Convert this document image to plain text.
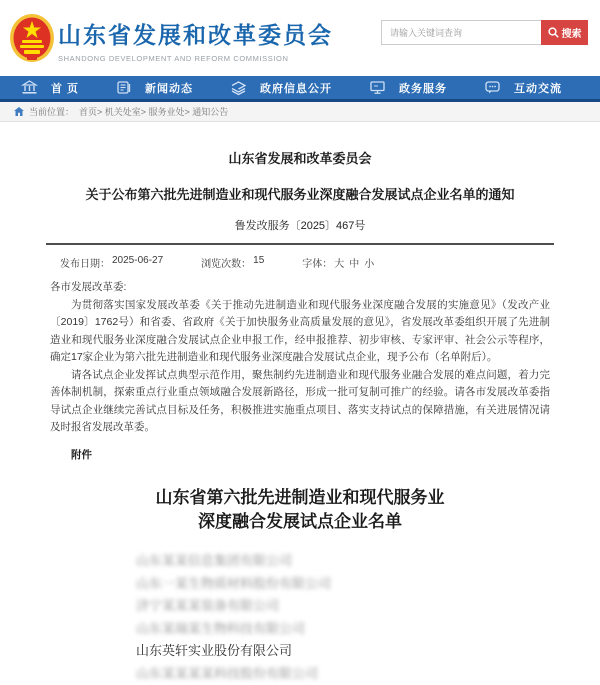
山东省发展和改革委员会
SHANDONG DEVELOPMENT AND REFORM COMMISSION
请输入关键词查询
搜索
首 页	新闻动态	政府信息公开	政务服务	互动交流
当前位置： 首页> 机关处室> 服务业处> 通知公告
山东省发展和改革委员会
关于公布第六批先进制造业和现代服务业深度融合发展试点企业名单的通知
鲁发改服务〔2025〕467号
发布日期： 2025-06-27	浏览次数： 15	字体： 大 中 小
各市发展改革委:
为贯彻落实国家发展改革委《关于推动先进制造业和现代服务业深度融合发展的实施意见》（发改产业〔2019〕1762号）和省委、省政府《关于加快服务业高质量发展的意见》，省发展改革委组织开展了先进制造业和现代服务业深度融合发展试点企业申报工作，经申报推荐、初步审核、专家评审、社会公示等程序，确定17家企业为第六批先进制造业和现代服务业深度融合发展试点企业，现予公布（名单附后）。
请各试点企业发挥试点典型示范作用，聚焦制约先进制造业和现代服务业融合发展的难点问题，着力完善体制机制，探索重点行业重点领域融合发展新路径，形成一批可复制可推广的经验。请各市发展改革委指导试点企业继续完善试点目标及任务，积极推进实施重点项目、落实支持试点的保障措施，有关进展情况请及时报省发展改革委。
附件
山东省第六批先进制造业和现代服务业
深度融合发展试点企业名单
山东某某信息集团有限公司
山东一某生物质材料股份有限公司
济宁某某某装备有限公司
山东某瑞某生物科技有限公司
山东英轩实业股份有限公司
山东某某某某科技股份有限公司
